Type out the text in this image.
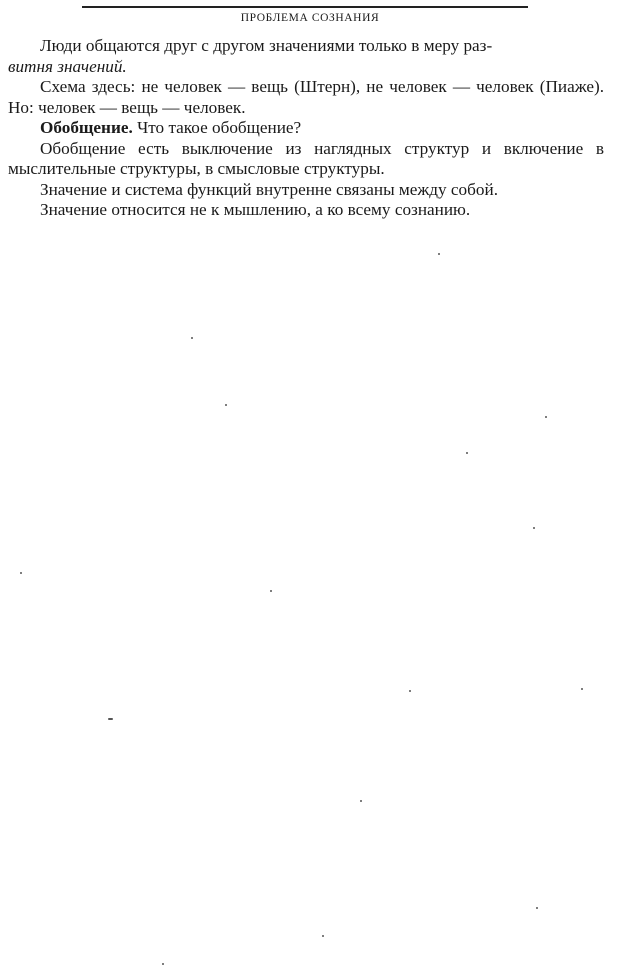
ПРОБЛЕМА СОЗНАНИЯ

Люди общаются друг с другом значениями только в меру раз-
витня значений.

Схема здесь: не человек — вещь (Штерн), не человек — человек (Пиаже). Но: человек — вещь — человек.

Обобщение. Что такое обобщение?

Обобщение есть выключение из наглядных структур и включение в мыслительные структуры, в смысловые структуры.

Значение и система функций внутренне связаны между собой.

Значение относится не к мышлению, а ко всему сознанию.
